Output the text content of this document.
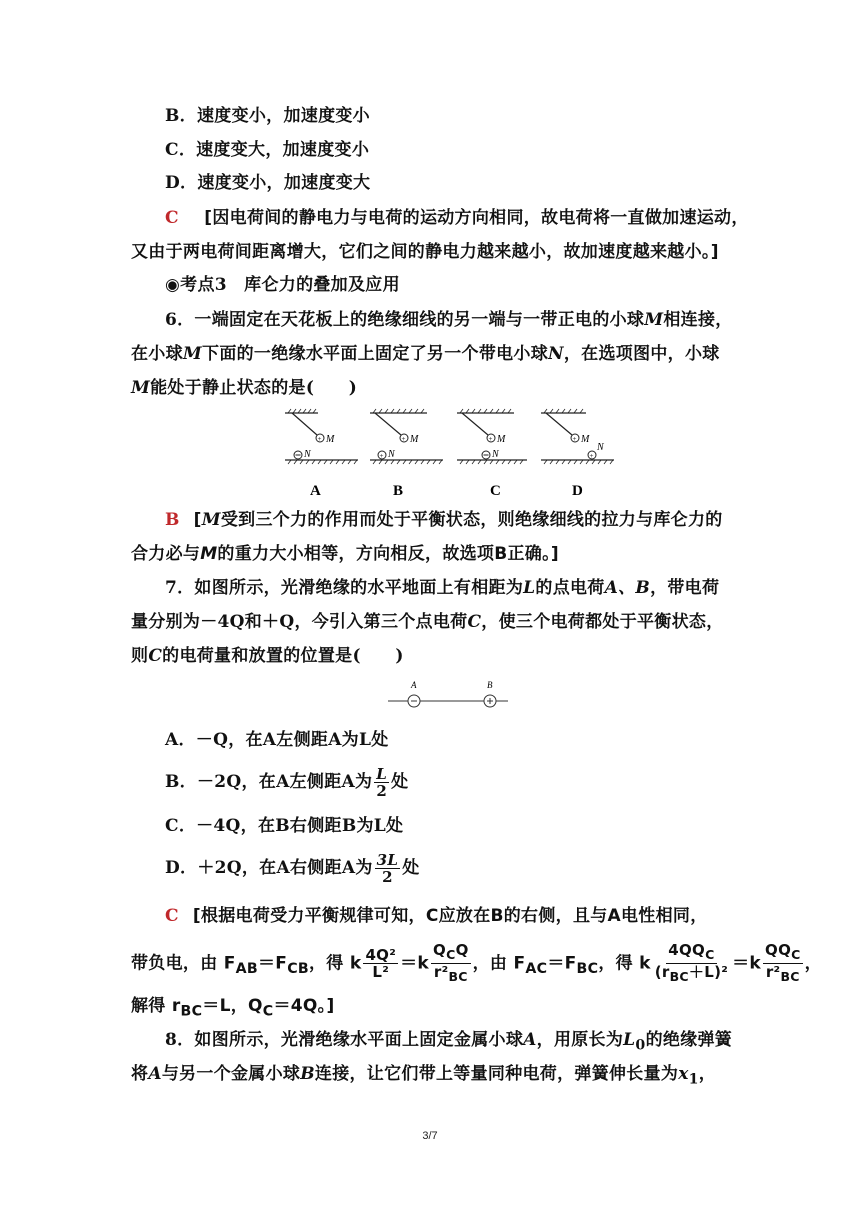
B．速度变小，加速度变小
C．速度变大，加速度变小
D．速度变小，加速度变大
C [因电荷间的静电力与电荷的运动方向相同，故电荷将一直做加速运动，
又由于两电荷间距离增大，它们之间的静电力越来越小，故加速度越来越小。]
◉考点3　库仑力的叠加及应用
6．一端固定在天花板上的绝缘细线的另一端与一带正电的小球M相连接，
在小球M下面的一绝缘水平面上固定了另一个带电小球N，在选项图中，小球
M能处于静止状态的是(　　)
+ M
N
+ M
+ N
+ M
N
+ M
+
N
A	B	C	D
B [M受到三个力的作用而处于平衡状态，则绝缘细线的拉力与库仑力的
合力必与M的重力大小相等，方向相反，故选项B正确。]
7．如图所示，光滑绝缘的水平地面上有相距为L的点电荷A、B，带电荷
量分别为－4Q和＋Q，今引入第三个点电荷C，使三个电荷都处于平衡状态，
则C的电荷量和放置的位置是(　　)
A	B
A．－Q，在A左侧距A为L处
B．－2Q，在A左侧距A为 $\frac{L}{2}$ 处
C．－4Q，在B右侧距B为L处
D．＋2Q，在A右侧距A为 $\frac{3L}{2}$ 处
C [根据电荷受力平衡规律可知，C应放在B的右侧，且与A电性相同，
带负电，由 $F_{AB}=F_{CB}$，得 k $\frac{\text{4Q²}}{\text{L²}} =k \frac{Q_CQ}{r^2_{BC}}$ ，由 $F_{AC}=F_{BC}$，得 k $\frac{4QQ_C}{(r_{BC}+L)^2} =k \frac{QQ_C}{r^2_{BC}}$ ，
解得 $r_{BC}=L$，$Q_C=4Q$。]
8．如图所示，光滑绝缘水平面上固定金属小球A，用原长为$L_0$的绝缘弹簧
将A与另一个金属小球B连接，让它们带上等量同种电荷，弹簧伸长量为$x_1$，
3/7
